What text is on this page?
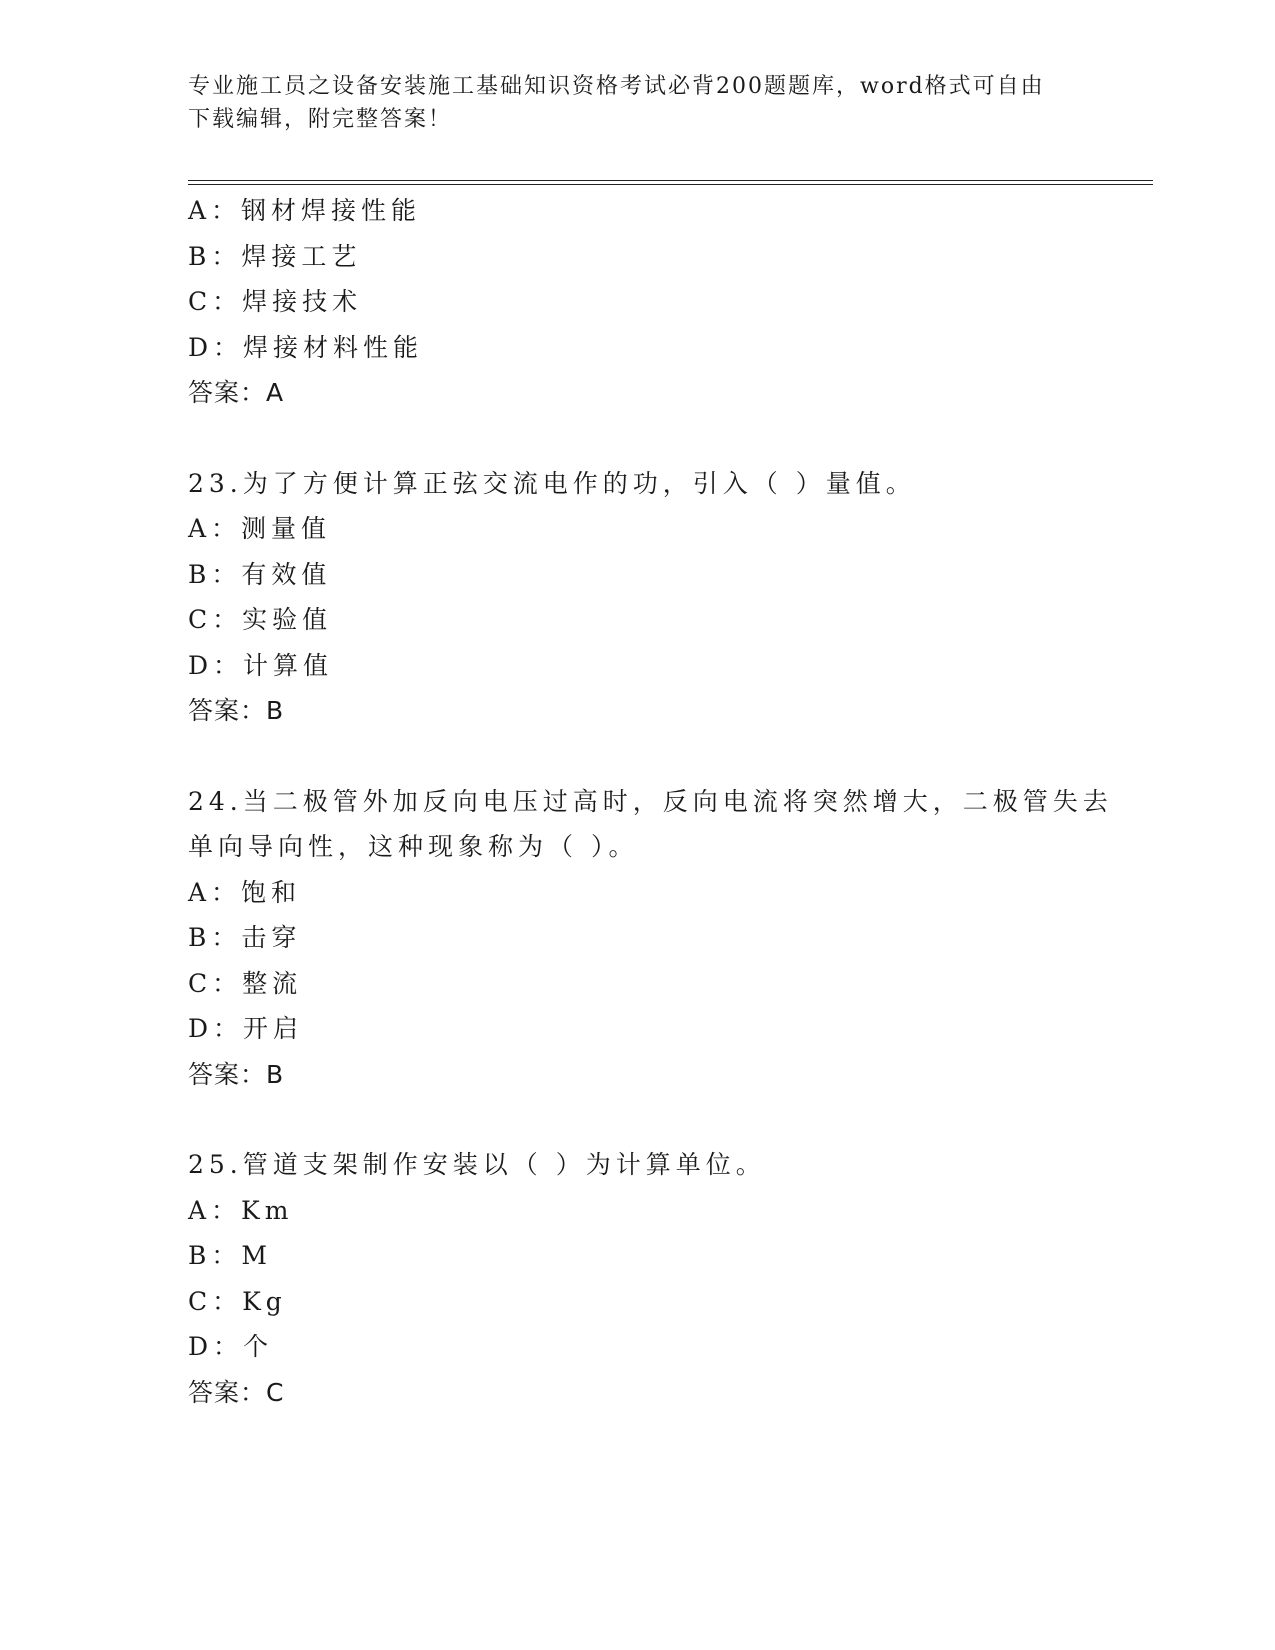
专业施工员之设备安装施工基础知识资格考试必背200题题库，word格式可自由
下载编辑，附完整答案！
A：钢材焊接性能
B：焊接工艺
C：焊接技术
D：焊接材料性能
答案：A
23.为了方便计算正弦交流电作的功，引入（ ）量值。
A：测量值
B：有效值
C：实验值
D：计算值
答案：B
24.当二极管外加反向电压过高时，反向电流将突然增大，二极管失去
单向导向性，这种现象称为（ ）。
A：饱和
B：击穿
C：整流
D：开启
答案：B
25.管道支架制作安装以（ ）为计算单位。
A：Km
B：M
C：Kg
D：个
答案：C
